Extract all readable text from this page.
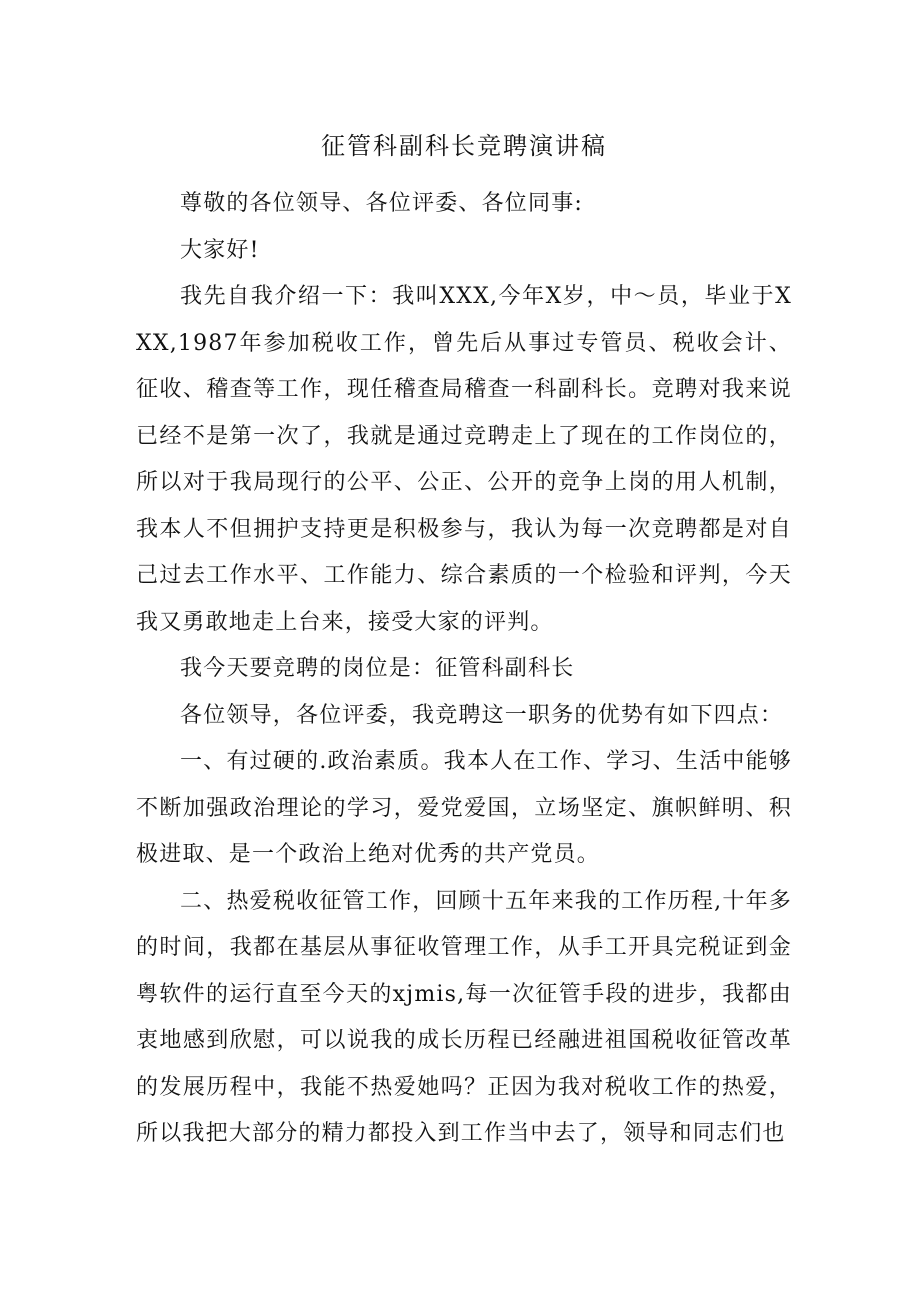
征管科副科长竞聘演讲稿

尊敬的各位领导、各位评委、各位同事:

大家好!

我先自我介绍一下：我叫XXX,今年X岁，中～员，毕业于XXX,1987年参加税收工作，曾先后从事过专管员、税收会计、征收、稽查等工作，现任稽查局稽查一科副科长。竞聘对我来说已经不是第一次了，我就是通过竞聘走上了现在的工作岗位的，所以对于我局现行的公平、公正、公开的竞争上岗的用人机制，我本人不但拥护支持更是积极参与，我认为每一次竞聘都是对自己过去工作水平、工作能力、综合素质的一个检验和评判，今天我又勇敢地走上台来，接受大家的评判。

我今天要竞聘的岗位是：征管科副科长

各位领导，各位评委，我竞聘这一职务的优势有如下四点：

一、有过硬的.政治素质。我本人在工作、学习、生活中能够不断加强政治理论的学习，爱党爱国，立场坚定、旗帜鲜明、积极进取、是一个政治上绝对优秀的共产党员。

二、热爱税收征管工作，回顾十五年来我的工作历程,十年多的时间，我都在基层从事征收管理工作，从手工开具完税证到金粤软件的运行直至今天的xjmis,每一次征管手段的进步，我都由衷地感到欣慰，可以说我的成长历程已经融进祖国税收征管改革的发展历程中，我能不热爱她吗？正因为我对税收工作的热爱，所以我把大部分的精力都投入到工作当中去了，领导和同志们也
